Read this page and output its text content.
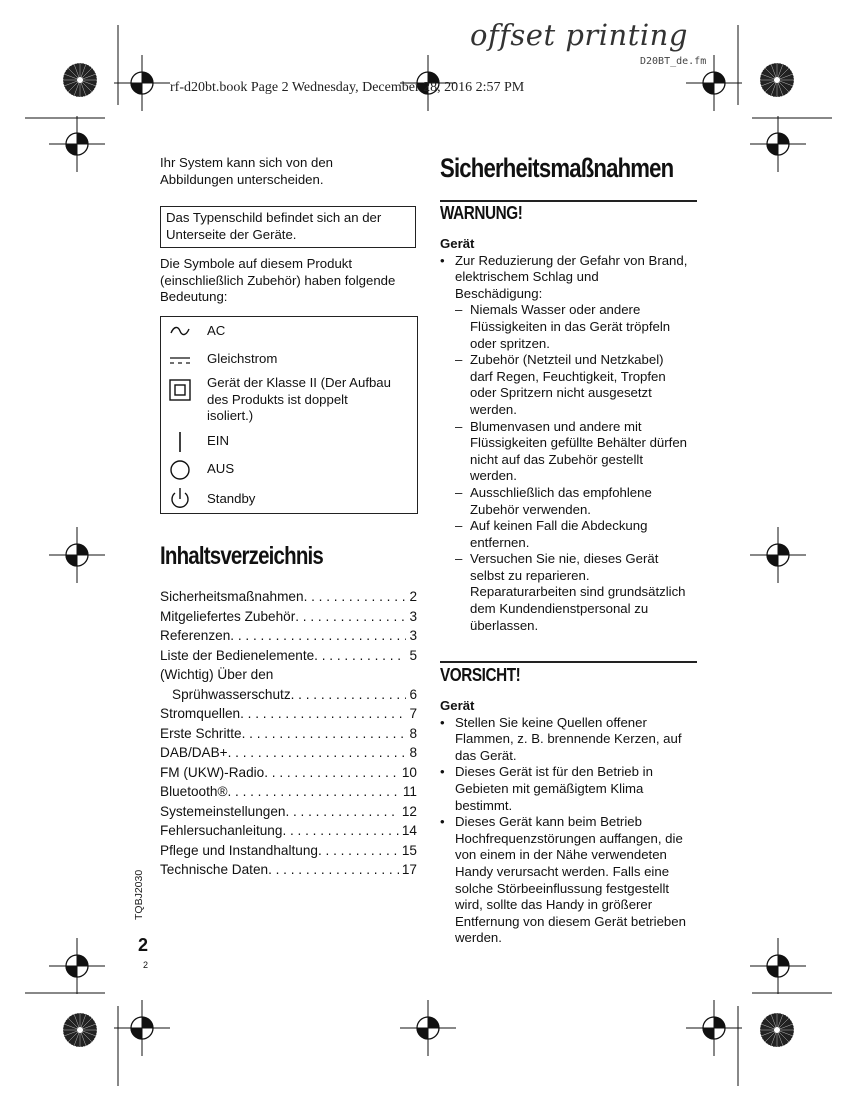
offset printing
D20BT_de.fm
rf-d20bt.book Page 2 Wednesday, December 28, 2016 2:57 PM
Ihr System kann sich von den
Abbildungen unterscheiden.
Das Typenschild befindet sich an der
Unterseite der Geräte.
Die Symbole auf diesem Produkt
(einschließlich Zubehör) haben folgende
Bedeutung:
AC
Gleichstrom
Gerät der Klasse II (Der Aufbau
des Produkts ist doppelt
isoliert.)
EIN
AUS
Standby
Inhaltsverzeichnis
Sicherheitsmaßnahmen . . .	2
Mitgeliefertes Zubehör . . .	3
Referenzen . . .	3
Liste der Bedienelemente . . .	5
(Wichtig) Über den
Sprühwasserschutz . . .	6
Stromquellen . . .	7
Erste Schritte . . .	8
DAB/DAB+ . . .	8
FM (UKW)-Radio . . .	10
Bluetooth® . . .	11
Systemeinstellungen . . .	12
Fehlersuchanleitung . . .	14
Pflege und Instandhaltung . . .	15
Technische Daten . . .	17
TQBJ2030
2
2
Sicherheitsmaßnahmen
WARNUNG!
Gerät
• Zur Reduzierung der Gefahr von Brand,
elektrischem Schlag und
Beschädigung:
– Niemals Wasser oder andere
Flüssigkeiten in das Gerät tröpfeln
oder spritzen.
– Zubehör (Netzteil und Netzkabel)
darf Regen, Feuchtigkeit, Tropfen
oder Spritzern nicht ausgesetzt
werden.
– Blumenvasen und andere mit
Flüssigkeiten gefüllte Behälter dürfen
nicht auf das Zubehör gestellt
werden.
– Ausschließlich das empfohlene
Zubehör verwenden.
– Auf keinen Fall die Abdeckung
entfernen.
– Versuchen Sie nie, dieses Gerät
selbst zu reparieren.
Reparaturarbeiten sind grundsätzlich
dem Kundendienstpersonal zu
überlassen.
VORSICHT!
Gerät
• Stellen Sie keine Quellen offener
Flammen, z. B. brennende Kerzen, auf
das Gerät.
• Dieses Gerät ist für den Betrieb in
Gebieten mit gemäßigtem Klima
bestimmt.
• Dieses Gerät kann beim Betrieb
Hochfrequenzstörungen auffangen, die
von einem in der Nähe verwendeten
Handy verursacht werden. Falls eine
solche Störbeeinflussung festgestellt
wird, sollte das Handy in größerer
Entfernung von diesem Gerät betrieben
werden.
